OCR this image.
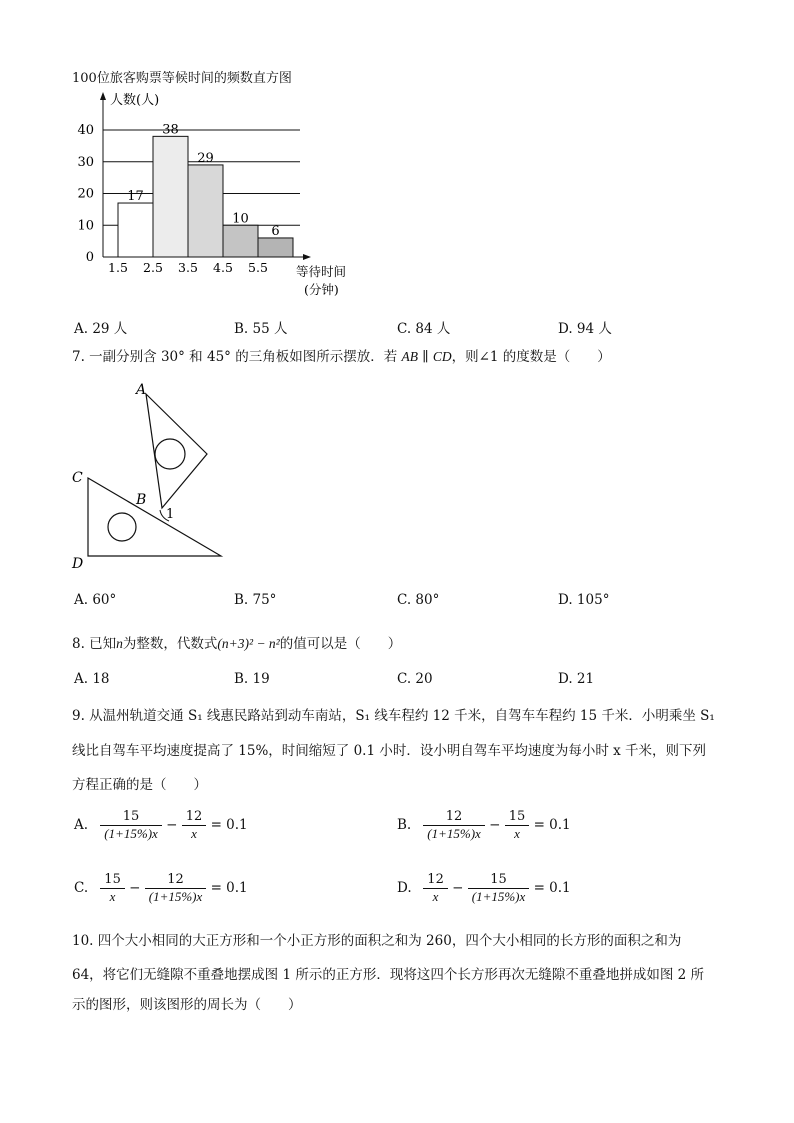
100位旅客购票等候时间的频数直方图
人数(人)
等待时间
(分钟)
0
10
20
30
40
1.5 2.5 3.5 4.5 5.5
17
38
29
10
6
A. 29 人	B. 55 人	C. 84 人	D. 94 人
7. 一副分别含 30° 和 45° 的三角板如图所示摆放．若 AB ∥ CD，则∠1 的度数是（　　）
A
B
C
D
1
A. 60°	B. 75°	C. 80°	D. 105°
8. 已知n为整数，代数式(n+3)² − n²的值可以是（　　）
A. 18	B. 19	C. 20	D. 21
9. 从温州轨道交通 S₁ 线惠民路站到动车南站，S₁ 线车程约 12 千米，自驾车车程约 15 千米．小明乘坐 S₁
线比自驾车平均速度提高了 15%，时间缩短了 0.1 小时．设小明自驾车平均速度为每小时 x 千米，则下列
方程正确的是（　　）
A. $\frac{15}{(1+15\%)x} - \frac{12}{x} = 0.1$	B. $\frac{12}{(1+15\%)x} - \frac{15}{x} = 0.1$
C. $\frac{15}{x} - \frac{12}{(1+15\%)x} = 0.1$	D. $\frac{12}{x} - \frac{15}{(1+15\%)x} = 0.1$
10. 四个大小相同的大正方形和一个小正方形的面积之和为 260，四个大小相同的长方形的面积之和为
64，将它们无缝隙不重叠地摆成图 1 所示的正方形．现将这四个长方形再次无缝隙不重叠地拼成如图 2 所
示的图形，则该图形的周长为（　　）
